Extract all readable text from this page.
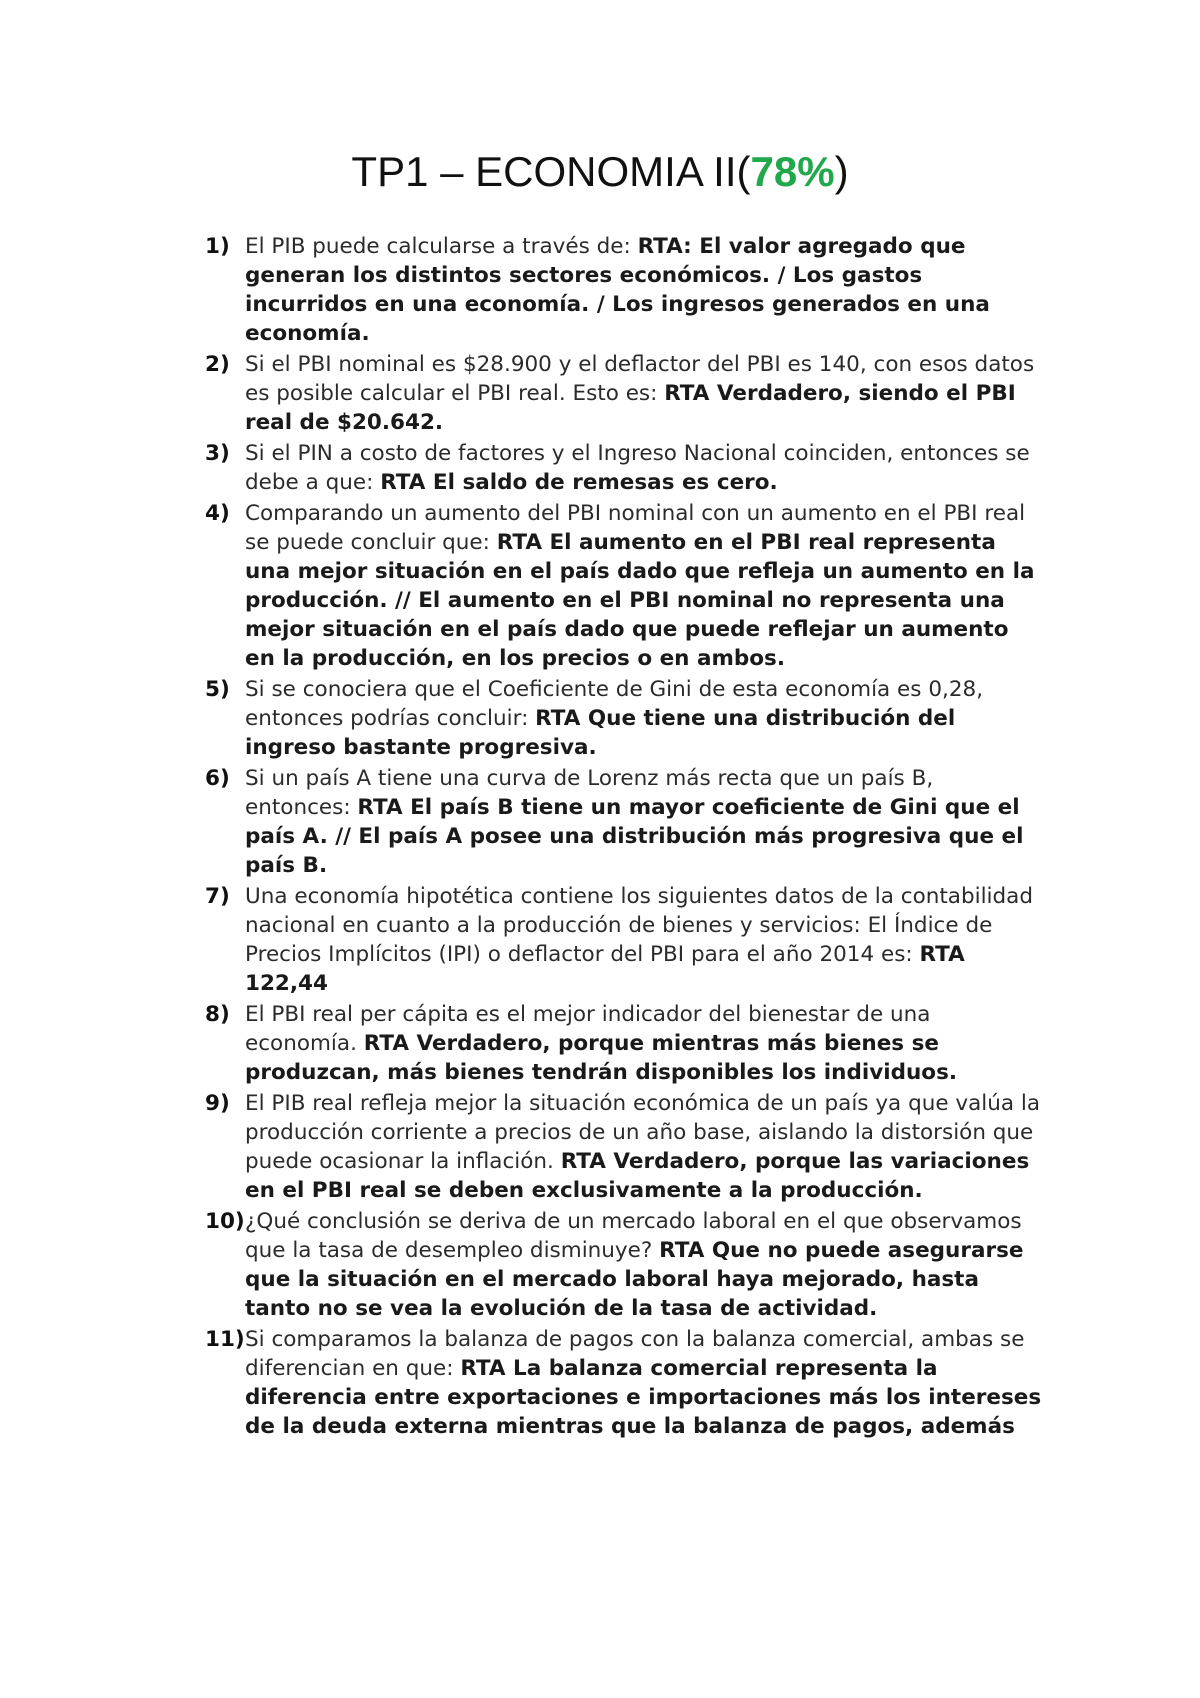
TP1 – ECONOMIA II(78%)
1) El PIB puede calcularse a través de: RTA: El valor agregado que generan los distintos sectores económicos. / Los gastos incurridos en una economía. / Los ingresos generados en una economía.
2) Si el PBI nominal es $28.900 y el deflactor del PBI es 140, con esos datos es posible calcular el PBI real. Esto es: RTA Verdadero, siendo el PBI real de $20.642.
3) Si el PIN a costo de factores y el Ingreso Nacional coinciden, entonces se debe a que: RTA El saldo de remesas es cero.
4) Comparando un aumento del PBI nominal con un aumento en el PBI real se puede concluir que: RTA El aumento en el PBI real representa una mejor situación en el país dado que refleja un aumento en la producción. // El aumento en el PBI nominal no representa una mejor situación en el país dado que puede reflejar un aumento en la producción, en los precios o en ambos.
5) Si se conociera que el Coeficiente de Gini de esta economía es 0,28, entonces podrías concluir: RTA Que tiene una distribución del ingreso bastante progresiva.
6) Si un país A tiene una curva de Lorenz más recta que un país B, entonces: RTA El país B tiene un mayor coeficiente de Gini que el país A. // El país A posee una distribución más progresiva que el país B.
7) Una economía hipotética contiene los siguientes datos de la contabilidad nacional en cuanto a la producción de bienes y servicios: El Índice de Precios Implícitos (IPI) o deflactor del PBI para el año 2014 es: RTA 122,44
8) El PBI real per cápita es el mejor indicador del bienestar de una economía. RTA Verdadero, porque mientras más bienes se produzcan, más bienes tendrán disponibles los individuos.
9) El PIB real refleja mejor la situación económica de un país ya que valúa la producción corriente a precios de un año base, aislando la distorsión que puede ocasionar la inflación. RTA Verdadero, porque las variaciones en el PBI real se deben exclusivamente a la producción.
10) ¿Qué conclusión se deriva de un mercado laboral en el que observamos que la tasa de desempleo disminuye? RTA Que no puede asegurarse que la situación en el mercado laboral haya mejorado, hasta tanto no se vea la evolución de la tasa de actividad.
11) Si comparamos la balanza de pagos con la balanza comercial, ambas se diferencian en que: RTA La balanza comercial representa la diferencia entre exportaciones e importaciones más los intereses de la deuda externa mientras que la balanza de pagos, además
